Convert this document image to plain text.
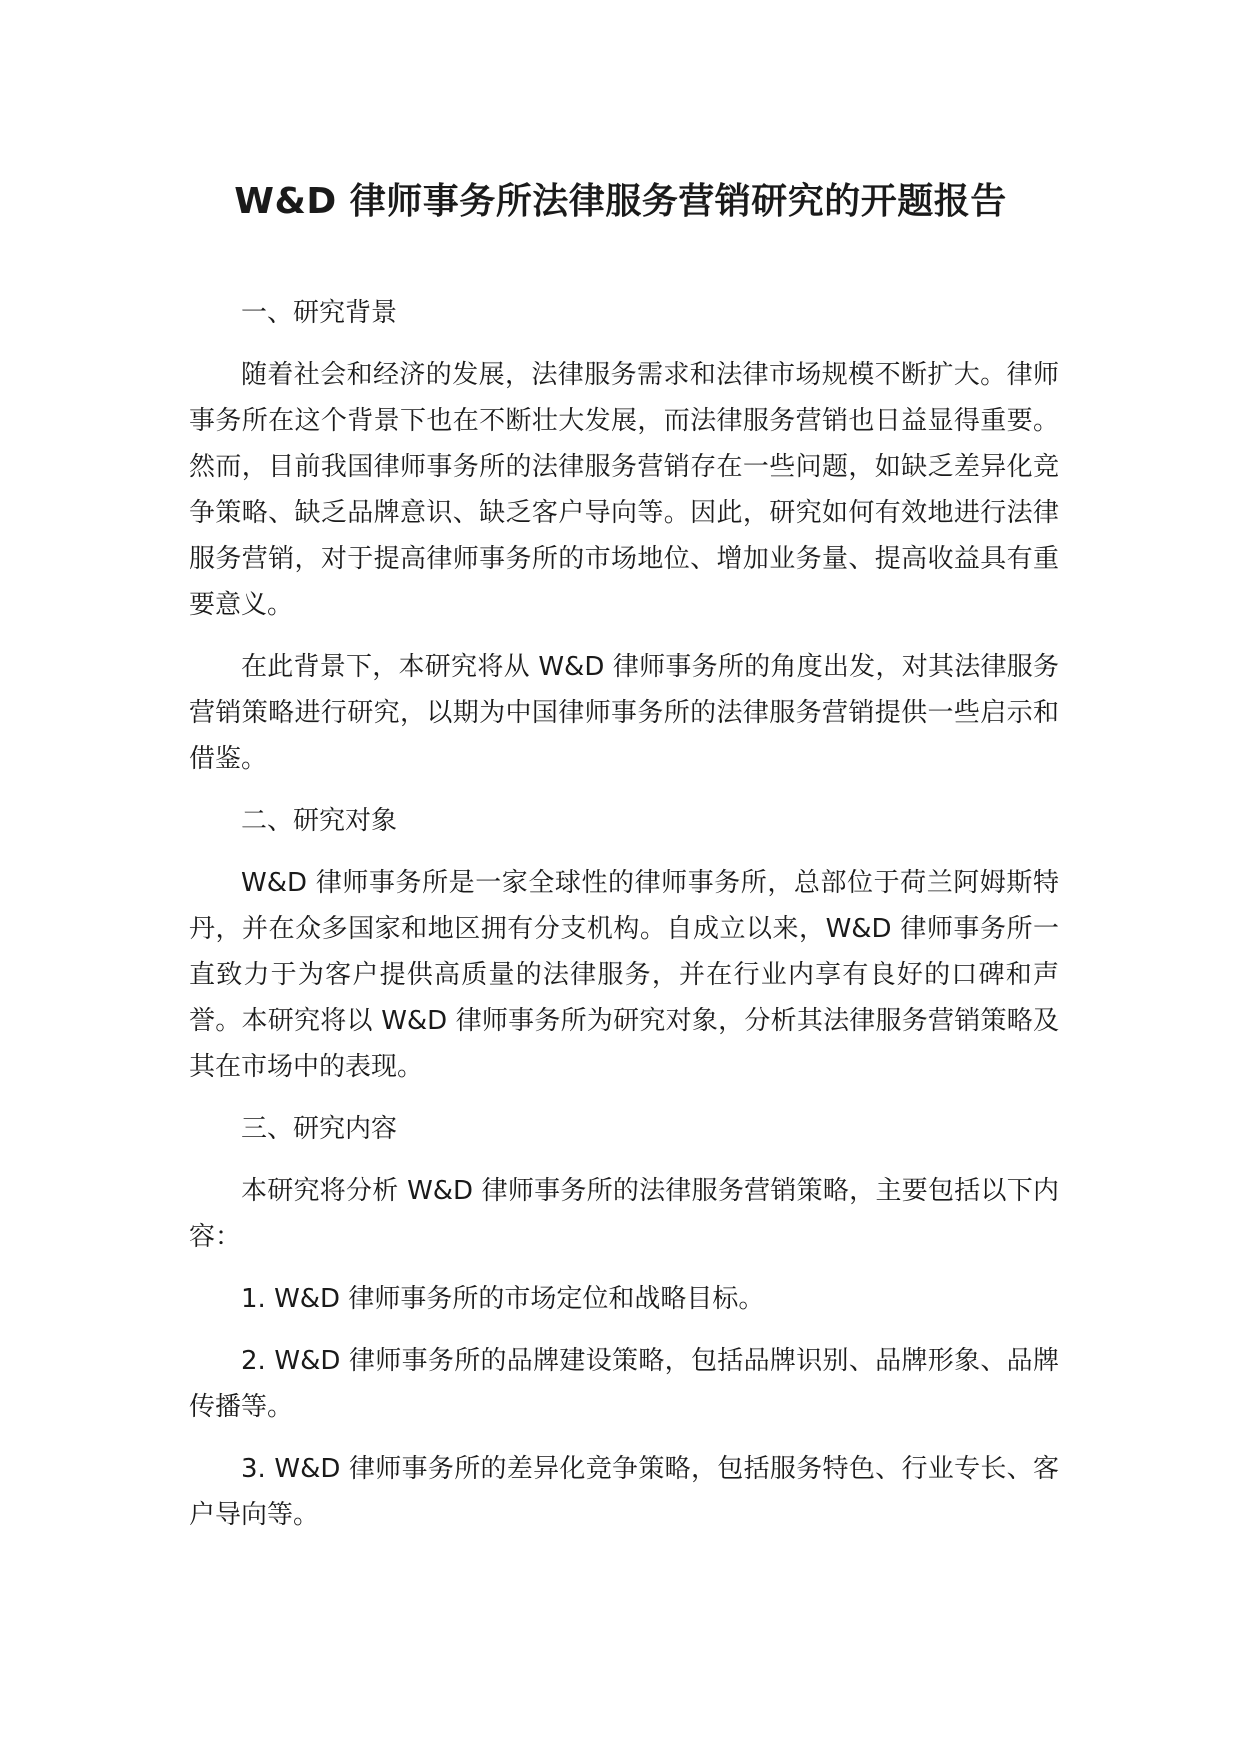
W&D 律师事务所法律服务营销研究的开题报告

一、研究背景

随着社会和经济的发展，法律服务需求和法律市场规模不断扩大。律师事务所在这个背景下也在不断壮大发展，而法律服务营销也日益显得重要。然而，目前我国律师事务所的法律服务营销存在一些问题，如缺乏差异化竞争策略、缺乏品牌意识、缺乏客户导向等。因此，研究如何有效地进行法律服务营销，对于提高律师事务所的市场地位、增加业务量、提高收益具有重要意义。

在此背景下，本研究将从 W&D 律师事务所的角度出发，对其法律服务营销策略进行研究，以期为中国律师事务所的法律服务营销提供一些启示和借鉴。

二、研究对象

W&D 律师事务所是一家全球性的律师事务所，总部位于荷兰阿姆斯特丹，并在众多国家和地区拥有分支机构。自成立以来，W&D 律师事务所一直致力于为客户提供高质量的法律服务，并在行业内享有良好的口碑和声誉。本研究将以 W&D 律师事务所为研究对象，分析其法律服务营销策略及其在市场中的表现。

三、研究内容

本研究将分析 W&D 律师事务所的法律服务营销策略，主要包括以下内容：

1. W&D 律师事务所的市场定位和战略目标。

2. W&D 律师事务所的品牌建设策略，包括品牌识别、品牌形象、品牌传播等。

3. W&D 律师事务所的差异化竞争策略，包括服务特色、行业专长、客户导向等。
